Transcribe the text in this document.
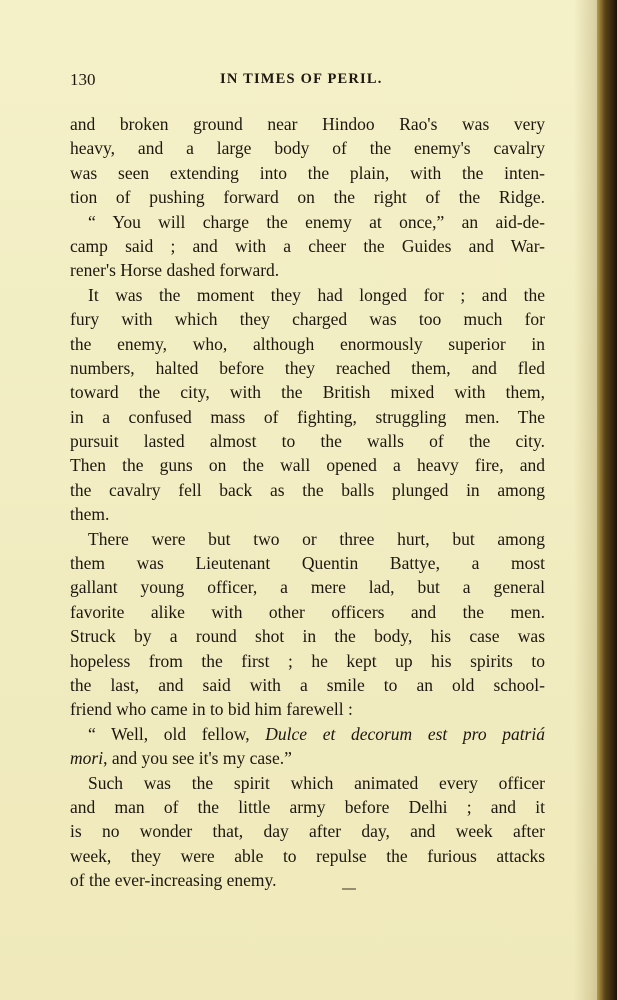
130	IN TIMES OF PERIL.
and broken ground near Hindoo Rao's was very
heavy, and a large body of the enemy's cavalry
was seen extending into the plain, with the inten-
tion of pushing forward on the right of the Ridge.
“ You will charge the enemy at once,” an aid-de-
camp said ; and with a cheer the Guides and War-
rener's Horse dashed forward.
It was the moment they had longed for ; and the
fury with which they charged was too much for
the enemy, who, although enormously superior in
numbers, halted before they reached them, and fled
toward the city, with the British mixed with them,
in a confused mass of fighting, struggling men. The
pursuit lasted almost to the walls of the city.
Then the guns on the wall opened a heavy fire, and
the cavalry fell back as the balls plunged in among
them.
There were but two or three hurt, but among
them was Lieutenant Quentin Battye, a most
gallant young officer, a mere lad, but a general
favorite alike with other officers and the men.
Struck by a round shot in the body, his case was
hopeless from the first ; he kept up his spirits to
the last, and said with a smile to an old school-
friend who came in to bid him farewell :
“ Well, old fellow, Dulce et decorum est pro patriá
mori, and you see it's my case.”
Such was the spirit which animated every officer
and man of the little army before Delhi ; and it
is no wonder that, day after day, and week after
week, they were able to repulse the furious attacks
of the ever-increasing enemy.
